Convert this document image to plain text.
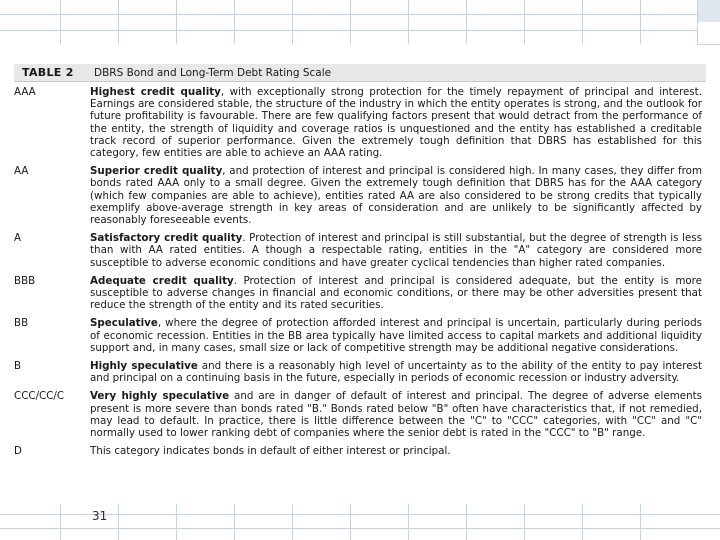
TABLE 2	DBRS Bond and Long-Term Debt Rating Scale
AAA	Highest credit quality, with exceptionally strong protection for the timely repayment of principal and interest. Earnings are considered stable, the structure of the industry in which the entity operates is strong, and the outlook for future profitability is favourable. There are few qualifying factors present that would detract from the performance of the entity, the strength of liquidity and coverage ratios is unquestioned and the entity has established a creditable track record of superior performance. Given the extremely tough definition that DBRS has established for this category, few entities are able to achieve an AAA rating.
AA	Superior credit quality, and protection of interest and principal is considered high. In many cases, they differ from bonds rated AAA only to a small degree. Given the extremely tough definition that DBRS has for the AAA category (which few companies are able to achieve), entities rated AA are also considered to be strong credits that typically exemplify above-average strength in key areas of consideration and are unlikely to be significantly affected by reasonably foreseeable events.
A	Satisfactory credit quality. Protection of interest and principal is still substantial, but the degree of strength is less than with AA rated entities. A though a respectable rating, entities in the "A" category are considered more susceptible to adverse economic conditions and have greater cyclical tendencies than higher rated companies.
BBB	Adequate credit quality. Protection of interest and principal is considered adequate, but the entity is more susceptible to adverse changes in financial and economic conditions, or there may be other adversities present that reduce the strength of the entity and its rated securities.
BB	Speculative, where the degree of protection afforded interest and principal is uncertain, particularly during periods of economic recession. Entities in the BB area typically have limited access to capital markets and additional liquidity support and, in many cases, small size or lack of competitive strength may be additional negative considerations.
B	Highly speculative and there is a reasonably high level of uncertainty as to the ability of the entity to pay interest and principal on a continuing basis in the future, especially in periods of economic recession or industry adversity.
CCC/CC/C	Very highly speculative and are in danger of default of interest and principal. The degree of adverse elements present is more severe than bonds rated "B." Bonds rated below "B" often have characteristics that, if not remedied, may lead to default. In practice, there is little difference between the "C" to "CCC" categories, with "CC" and "C" normally used to lower ranking debt of companies where the senior debt is rated in the "CCC" to "B" range.
D	This category indicates bonds in default of either interest or principal.
31
